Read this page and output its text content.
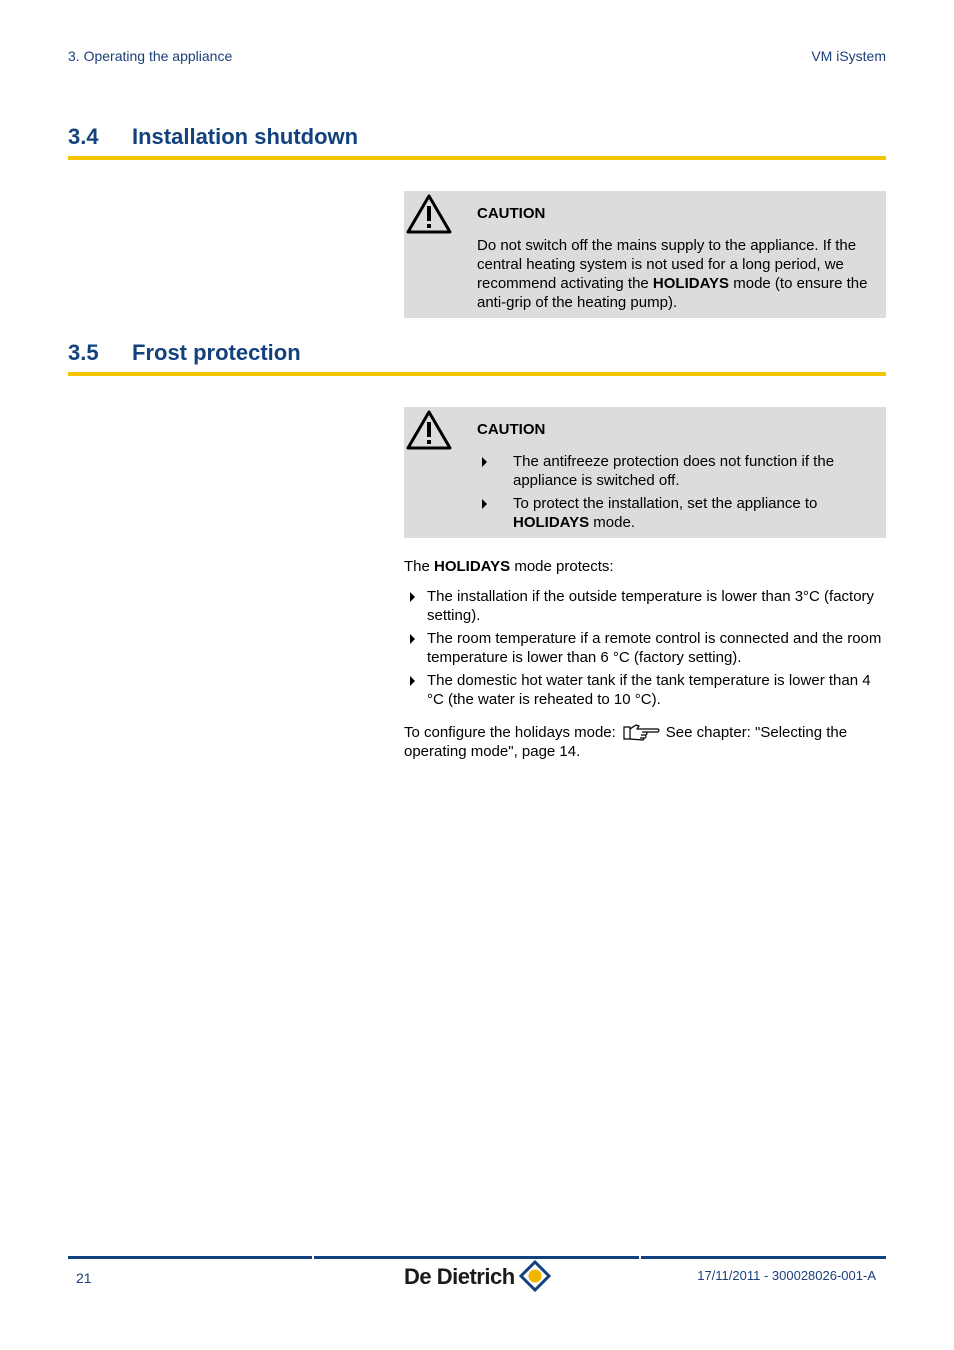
3. Operating the appliance	VM iSystem
3.4 Installation shutdown
CAUTION
Do not switch off the mains supply to the appliance. If the central heating system is not used for a long period, we recommend activating the HOLIDAYS mode (to ensure the anti-grip of the heating pump).
3.5 Frost protection
CAUTION
The antifreeze protection does not function if the appliance is switched off.
To protect the installation, set the appliance to HOLIDAYS mode.
The HOLIDAYS mode protects:
The installation if the outside temperature is lower than 3°C (factory setting).
The room temperature if a remote control is connected and the room temperature is lower than 6 °C (factory setting).
The domestic hot water tank if the tank temperature is lower than 4 °C (the water is reheated to 10 °C).
To configure the holidays mode:	See chapter: "Selecting the operating mode", page 14.
21	De Dietrich	17/11/2011 - 300028026-001-A
